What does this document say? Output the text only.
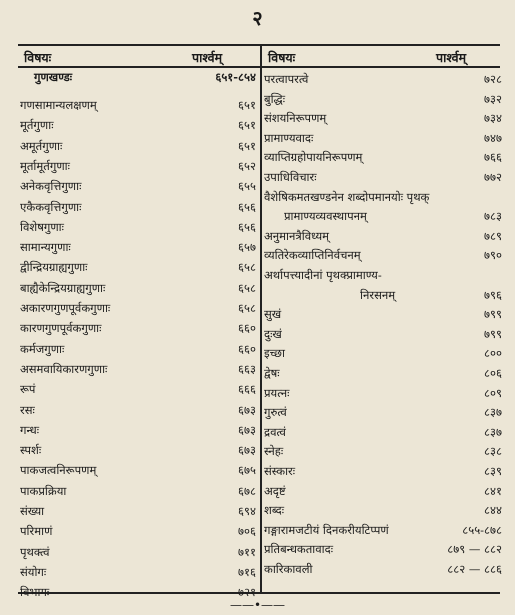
२
विषयः	पार्श्वम्	विषयः	पार्श्वम्
गुणखण्डः	६५१-८५४
गणसामान्यलक्षणम्	६५१
मूर्तगुणाः	६५१
अमूर्तगुणाः	६५१
मूर्तामूर्तगुणाः	६५२
अनेकवृत्तिगुणाः	६५५
एकैकवृत्तिगुणाः	६५६
विशेषगुणाः	६५६
सामान्यगुणाः	६५७
द्वीन्द्रियग्राह्यगुणाः	६५८
बाह्यैकेन्द्रियग्राह्यगुणाः	६५८
अकारणगुणपूर्वकगुणाः	६५८
कारणगुणपूर्वकगुणाः	६६०
कर्मजगुणाः	६६०
असमवायिकारणगुणाः	६६३
रूपं	६६६
रसः	६७३
गन्धः	६७३
स्पर्शः	६७३
पाकजत्वनिरूपणम्	६७५
पाकप्रक्रिया	६७८
संख्या	६९४
परिमाणं	७०६
पृथक्त्वं	७११
संयोगः	७१६
विभागः	७२१
परत्वापरत्वे	७२८
बुद्धिः	७३२
संशयनिरूपणम्	७३४
प्रामाण्यवादः	७४७
व्याप्तिग्रहोपायनिरूपणम्	७६६
उपाधिविचारः	७७२
वैशेषिकमतखण्डनेन शब्दोपमानयोः पृथक्
प्रामाण्यव्यवस्थापनम्	७८३
अनुमानत्रैविध्यम्	७८९
व्यतिरेकव्याप्तिनिर्वचनम्	७९०
अर्थापत्त्यादीनां पृथक्प्रामाण्य-
निरसनम्	७९६
सुखं	७९९
दुःखं	७९९
इच्छा	८००
द्वेषः	८०६
प्रयत्नः	८०९
गुरुत्वं	८३७
द्रवत्वं	८३७
स्नेहः	८३८
संस्कारः	८३९
अदृष्टं	८४१
शब्दः	८४४
गङ्गारामजटीयं दिनकरीयटिप्पणं	८५५-८७८
प्रतिबन्धकतावादः	८७९ — ८८२
कारिकावली	८८२ — ८८६
——•——
